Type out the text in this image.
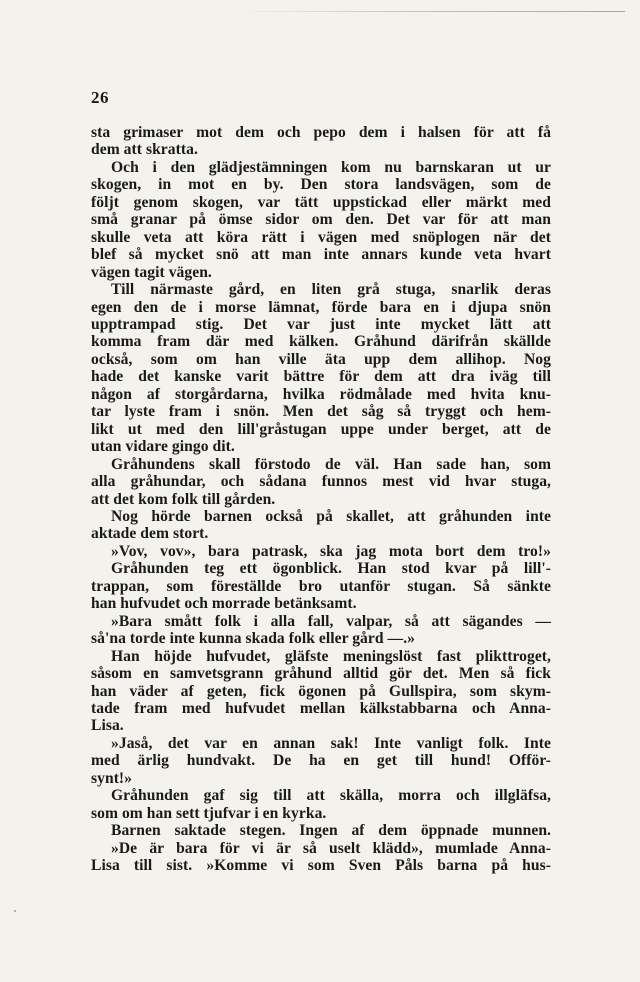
26
sta grimaser mot dem och pepo dem i halsen för att få
dem att skratta.
Och i den glädjestämningen kom nu barnskaran ut ur
skogen, in mot en by. Den stora landsvägen, som de
följt genom skogen, var tätt uppstickad eller märkt med
små granar på ömse sidor om den. Det var för att man
skulle veta att köra rätt i vägen med snöplogen när det
blef så mycket snö att man inte annars kunde veta hvart
vägen tagit vägen.
Till närmaste gård, en liten grå stuga, snarlik deras
egen den de i morse lämnat, förde bara en i djupa snön
upptrampad stig. Det var just inte mycket lätt att
komma fram där med kälken. Gråhund därifrån skällde
också, som om han ville äta upp dem allihop. Nog
hade det kanske varit bättre för dem att dra iväg till
någon af storgårdarna, hvilka rödmålade med hvita knu-
tar lyste fram i snön. Men det såg så tryggt och hem-
likt ut med den lill'gråstugan uppe under berget, att de
utan vidare gingo dit.
Gråhundens skall förstodo de väl. Han sade han, som
alla gråhundar, och sådana funnos mest vid hvar stuga,
att det kom folk till gården.
Nog hörde barnen också på skallet, att gråhunden inte
aktade dem stort.
»Vov, vov», bara patrask, ska jag mota bort dem tro!»
Gråhunden teg ett ögonblick. Han stod kvar på lill'-
trappan, som föreställde bro utanför stugan. Så sänkte
han hufvudet och morrade betänksamt.
»Bara smått folk i alla fall, valpar, så att sägandes —
så'na torde inte kunna skada folk eller gård —.»
Han höjde hufvudet, gläfste meningslöst fast plikttroget,
såsom en samvetsgrann gråhund alltid gör det. Men så fick
han väder af geten, fick ögonen på Gullspira, som skym-
tade fram med hufvudet mellan kälkstabbarna och Anna-
Lisa.
»Jaså, det var en annan sak! Inte vanligt folk. Inte
med ärlig hundvakt. De ha en get till hund! Offör-
synt!»
Gråhunden gaf sig till att skälla, morra och illgläfsa,
som om han sett tjufvar i en kyrka.
Barnen saktade stegen. Ingen af dem öppnade munnen.
»De är bara för vi är så uselt klädd», mumlade Anna-
Lisa till sist. »Komme vi som Sven Påls barna på hus-
